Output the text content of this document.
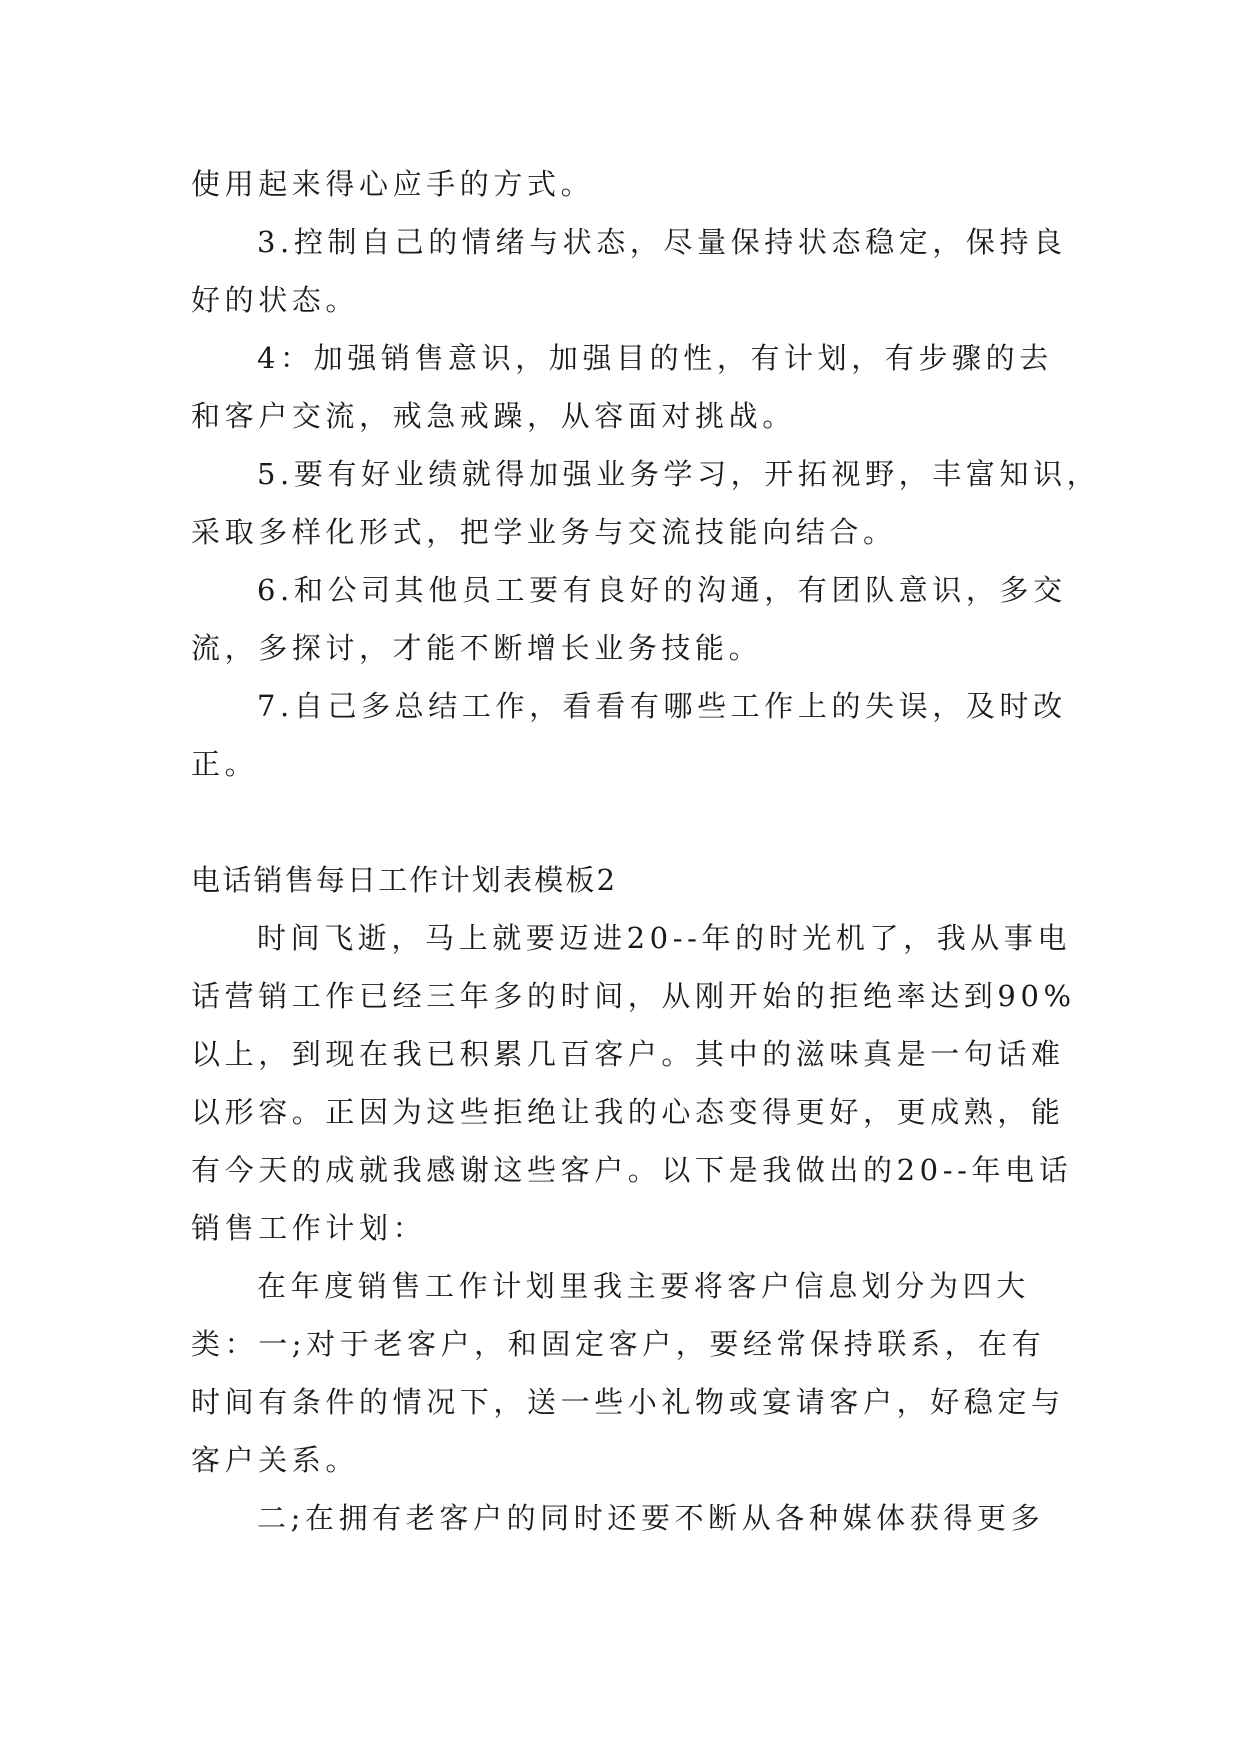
使用起来得心应手的方式。
3.控制自己的情绪与状态，尽量保持状态稳定，保持良
好的状态。
4：加强销售意识，加强目的性，有计划，有步骤的去
和客户交流，戒急戒躁，从容面对挑战。
5.要有好业绩就得加强业务学习，开拓视野，丰富知识，
采取多样化形式，把学业务与交流技能向结合。
6.和公司其他员工要有良好的沟通，有团队意识，多交
流，多探讨，才能不断增长业务技能。
7.自己多总结工作，看看有哪些工作上的失误，及时改
正。
电话销售每日工作计划表模板2
时间飞逝，马上就要迈进20--年的时光机了，我从事电
话营销工作已经三年多的时间，从刚开始的拒绝率达到90%
以上，到现在我已积累几百客户。其中的滋味真是一句话难
以形容。正因为这些拒绝让我的心态变得更好，更成熟，能
有今天的成就我感谢这些客户。以下是我做出的20--年电话
销售工作计划：
在年度销售工作计划里我主要将客户信息划分为四大
类：一;对于老客户，和固定客户，要经常保持联系，在有
时间有条件的情况下，送一些小礼物或宴请客户，好稳定与
客户关系。
二;在拥有老客户的同时还要不断从各种媒体获得更多
